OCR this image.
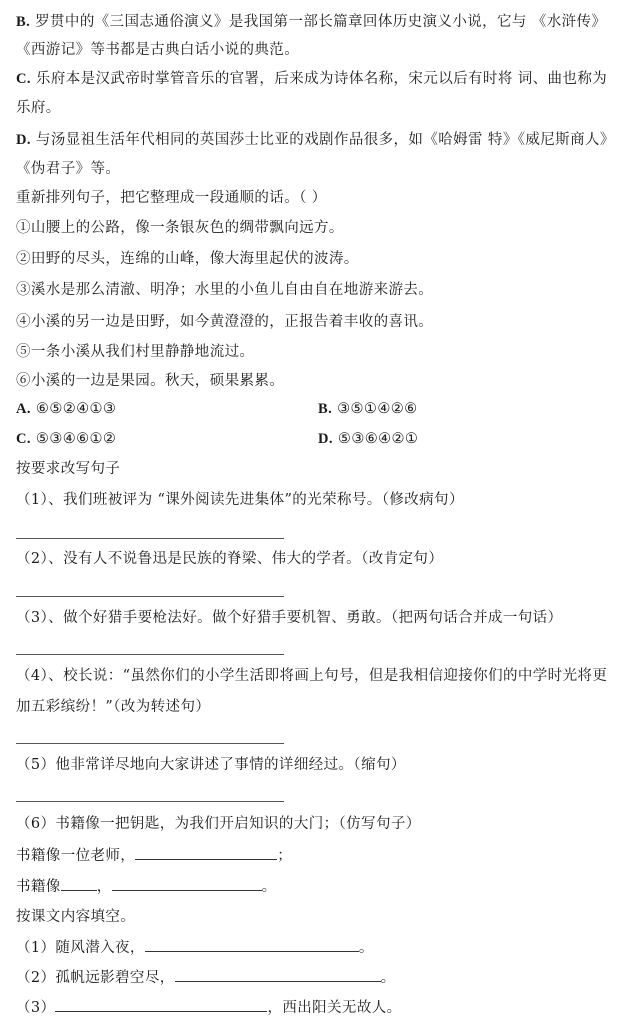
B. 罗贯中的《三国志通俗演义》是我国第一部长篇章回体历史演义小说，它与 《水浒传》
《西游记》等书都是古典白话小说的典范。
C. 乐府本是汉武帝时掌管音乐的官署，后来成为诗体名称，宋元以后有时将 词、曲也称为
乐府。
D. 与汤显祖生活年代相同的英国莎士比亚的戏剧作品很多，如《哈姆雷 特》《威尼斯商人》
《伪君子》等。
重新排列句子，把它整理成一段通顺的话。（ ）
①山腰上的公路，像一条银灰色的绸带飘向远方。
②田野的尽头，连绵的山峰，像大海里起伏的波涛。
③溪水是那么清澈、明净；水里的小鱼儿自由自在地游来游去。
④小溪的另一边是田野，如今黄澄澄的，正报告着丰收的喜讯。
⑤一条小溪从我们村里静静地流过。
⑥小溪的一边是果园。秋天，硕果累累。
A. ⑥⑤②④①③	B. ③⑤①④②⑥
C. ⑤③④⑥①②	D. ⑤③⑥④②①
按要求改写句子
（1）、我们班被评为 “课外阅读先进集体”的光荣称号。（修改病句）
（2）、没有人不说鲁迅是民族的脊梁、伟大的学者。（改肯定句）
（3）、做个好猎手要枪法好。做个好猎手要机智、勇敢。（把两句话合并成一句话）
（4）、校长说：“虽然你们的小学生活即将画上句号，但是我相信迎接你们的中学时光将更
加五彩缤纷！”（改为转述句）
（5）他非常详尽地向大家讲述了事情的详细经过。（缩句）
（6）书籍像一把钥匙，为我们开启知识的大门；（仿写句子）
书籍像一位老师，	；
书籍像 ，	。
按课文内容填空。
（1）随风潜入夜，	。
（2）孤帆远影碧空尽，	。
（3）	，西出阳关无故人。
